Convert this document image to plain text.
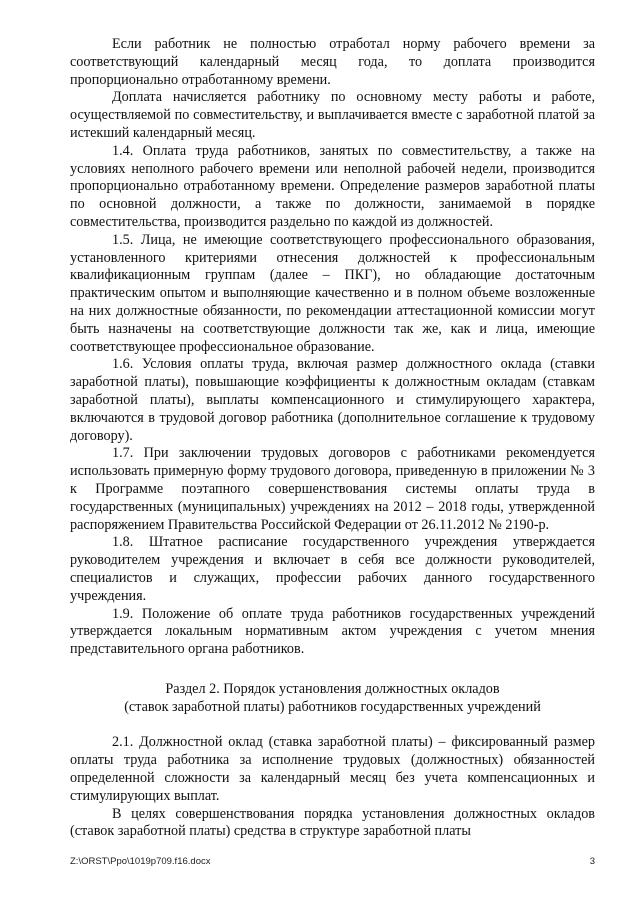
Если работник не полностью отработал норму рабочего времени за соответствующий календарный месяц года, то доплата производится пропорционально отработанному времени.

Доплата начисляется работнику по основному месту работы и работе, осуществляемой по совместительству, и выплачивается вместе с заработной платой за истекший календарный месяц.

1.4. Оплата труда работников, занятых по совместительству, а также на условиях неполного рабочего времени или неполной рабочей недели, производится пропорционально отработанному времени. Определение размеров заработной платы по основной должности, а также по должности, занимаемой в порядке совместительства, производится раздельно по каждой из должностей.

1.5. Лица, не имеющие соответствующего профессионального образования, установленного критериями отнесения должностей к профессиональным квалификационным группам (далее – ПКГ), но обладающие достаточным практическим опытом и выполняющие качественно и в полном объеме возложенные на них должностные обязанности, по рекомендации аттестационной комиссии могут быть назначены на соответствующие должности так же, как и лица, имеющие соответствующее профессиональное образование.

1.6. Условия оплаты труда, включая размер должностного оклада (ставки заработной платы), повышающие коэффициенты к должностным окладам (ставкам заработной платы), выплаты компенсационного и стимулирующего характера, включаются в трудовой договор работника (дополнительное соглашение к трудовому договору).

1.7. При заключении трудовых договоров с работниками рекомендуется использовать примерную форму трудового договора, приведенную в приложении № 3 к Программе поэтапного совершенствования системы оплаты труда в государственных (муниципальных) учреждениях на 2012 – 2018 годы, утвержденной распоряжением Правительства Российской Федерации от 26.11.2012 № 2190-р.

1.8. Штатное расписание государственного учреждения утверждается руководителем учреждения и включает в себя все должности руководителей, специалистов и служащих, профессии рабочих данного государственного учреждения.

1.9. Положение об оплате труда работников государственных учреждений утверждается локальным нормативным актом учреждения с учетом мнения представительного органа работников.

Раздел 2. Порядок установления должностных окладов
(ставок заработной платы) работников государственных учреждений

2.1. Должностной оклад (ставка заработной платы) – фиксированный размер оплаты труда работника за исполнение трудовых (должностных) обязанностей определенной сложности за календарный месяц без учета компенсационных и стимулирующих выплат.

В целях совершенствования порядка установления должностных окладов (ставок заработной платы) средства в структуре заработной платы

Z:\ORST\Ppo\1019p709.f16.docx	3
